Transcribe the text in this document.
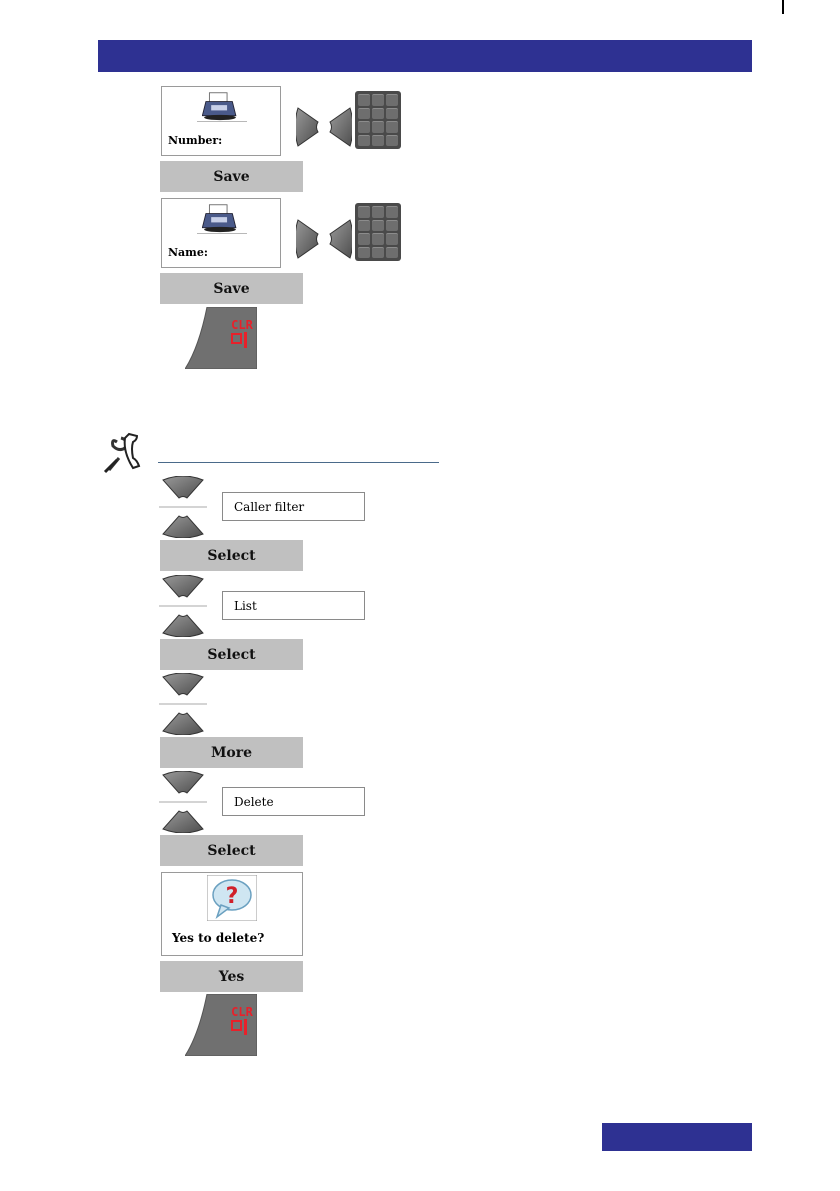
Number:
Save
Name:
Save
Caller filter
Select
List
Select
More
Delete
Select
?
Yes to delete?
Yes
